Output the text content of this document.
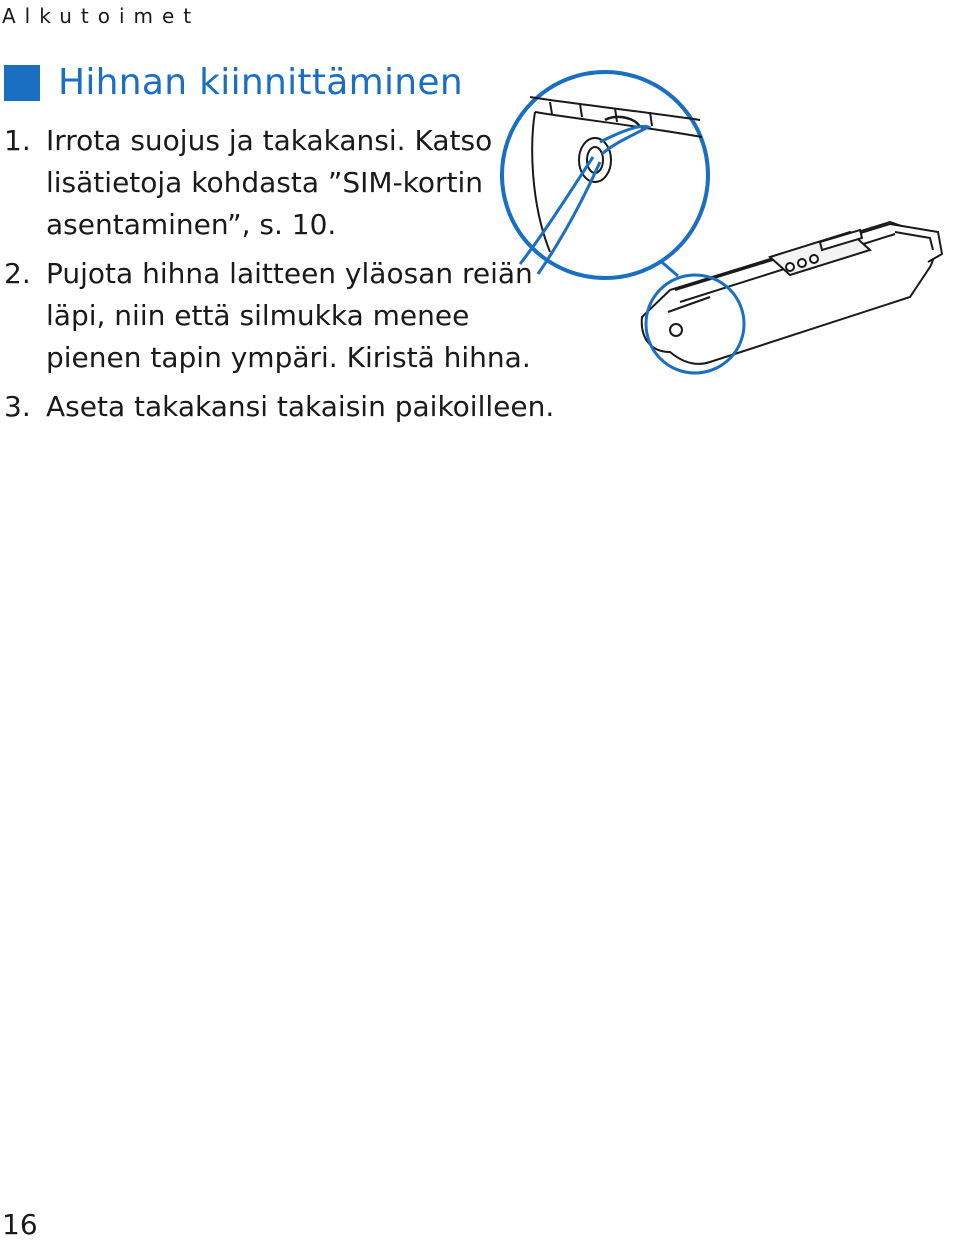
Alkutoimet
Hihnan kiinnittäminen
1. Irrota suojus ja takakansi. Katso lisätietoja kohdasta ”SIM-kortin asentaminen”, s. 10.
2. Pujota hihna laitteen yläosan reiän läpi, niin että silmukka menee pienen tapin ympäri. Kiristä hihna.
3. Aseta takakansi takaisin paikoilleen.
16
